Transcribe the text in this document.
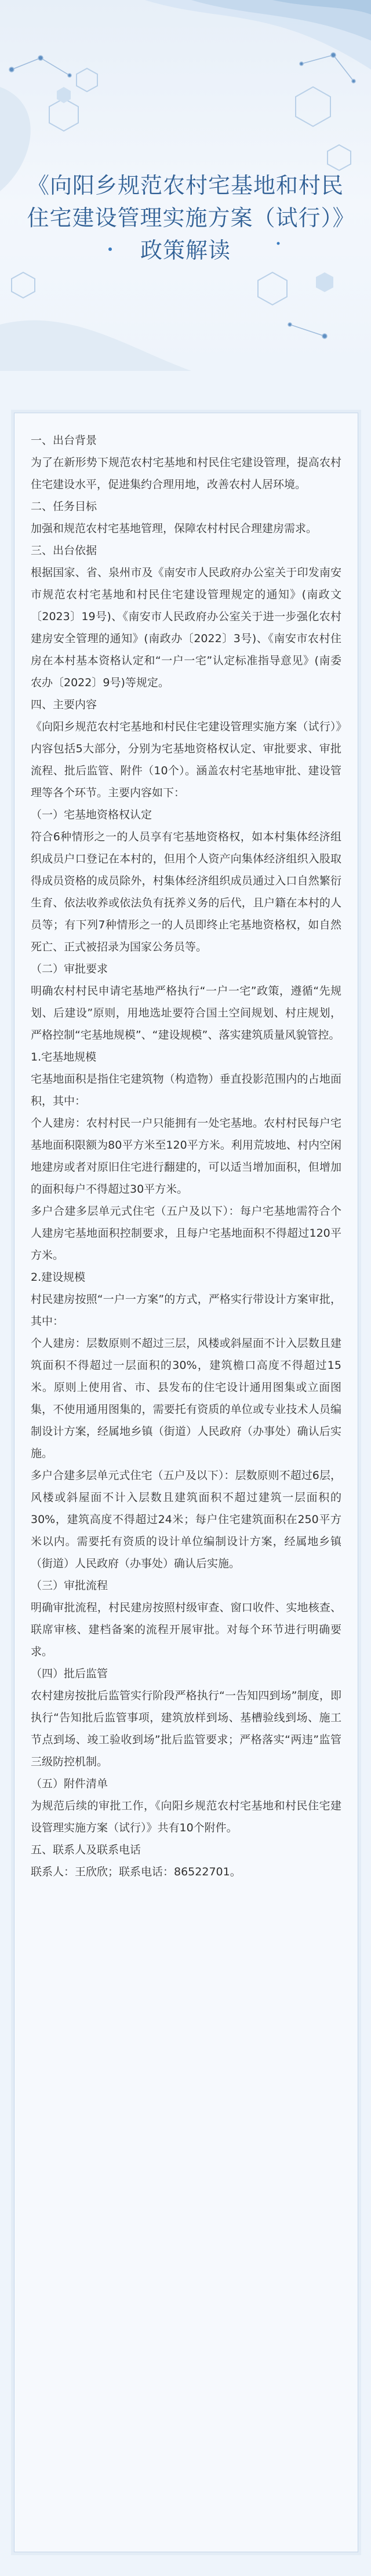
《向阳乡规范农村宅基地和村民住宅建设管理实施方案（试行）》政策解读

一、出台背景

为了在新形势下规范农村宅基地和村民住宅建设管理，提高农村住宅建设水平，促进集约合理用地，改善农村人居环境。

二、任务目标

加强和规范农村宅基地管理，保障农村村民合理建房需求。

三、出台依据

根据国家、省、泉州市及《南安市人民政府办公室关于印发南安市规范农村宅基地和村民住宅建设管理规定的通知》(南政文〔2023〕19号)、《南安市人民政府办公室关于进一步强化农村建房安全管理的通知》(南政办〔2022〕3号)、《南安市农村住房在本村基本资格认定和“一户一宅”认定标准指导意见》(南委农办〔2022〕9号)等规定。

四、主要内容

《向阳乡规范农村宅基地和村民住宅建设管理实施方案（试行）》内容包括5大部分，分别为宅基地资格权认定、审批要求、审批流程、批后监管、附件（10个）。涵盖农村宅基地审批、建设管理等各个环节。主要内容如下：

（一）宅基地资格权认定

符合6种情形之一的人员享有宅基地资格权，如本村集体经济组织成员户口登记在本村的，但用个人资产向集体经济组织入股取得成员资格的成员除外，村集体经济组织成员通过入口自然繁衍生育、依法收养或依法负有抚养义务的后代，且户籍在本村的人员等；有下列7种情形之一的人员即终止宅基地资格权，如自然死亡、正式被招录为国家公务员等。

（二）审批要求

明确农村村民申请宅基地严格执行“一户一宅”政策，遵循“先规划、后建设”原则，用地选址要符合国土空间规划、村庄规划，严格控制“宅基地规模”、“建设规模”、落实建筑质量风貌管控。

1.宅基地规模

宅基地面积是指住宅建筑物（构造物）垂直投影范围内的占地面积，其中：

个人建房：农村村民一户只能拥有一处宅基地。农村村民每户宅基地面积限额为80平方米至120平方米。利用荒坡地、村内空闲地建房或者对原旧住宅进行翻建的，可以适当增加面积，但增加的面积每户不得超过30平方米。

多户合建多层单元式住宅（五户及以下）：每户宅基地需符合个人建房宅基地面积控制要求，且每户宅基地面积不得超过120平方米。

2.建设规模

村民建房按照“一户一方案”的方式，严格实行带设计方案审批，其中：

个人建房：层数原则不超过三层，风楼或斜屋面不计入层数且建筑面积不得超过一层面积的30%，建筑檐口高度不得超过15米。原则上使用省、市、县发布的住宅设计通用图集或立面图集，不使用通用图集的，需要托有资质的单位或专业技术人员编制设计方案，经属地乡镇（街道）人民政府（办事处）确认后实施。

多户合建多层单元式住宅（五户及以下）：层数原则不超过6层，风楼或斜屋面不计入层数且建筑面积不超过建筑一层面积的30%，建筑高度不得超过24米；每户住宅建筑面积在250平方米以内。需要托有资质的设计单位编制设计方案，经属地乡镇（街道）人民政府（办事处）确认后实施。

（三）审批流程

明确审批流程，村民建房按照村级审查、窗口收件、实地核查、联席审核、建档备案的流程开展审批。对每个环节进行明确要求。

（四）批后监管

农村建房按批后监管实行阶段严格执行“一告知四到场”制度，即执行“告知批后监管事项，建筑放样到场、基槽验线到场、施工节点到场、竣工验收到场”批后监管要求；严格落实“两违”监管三级防控机制。

（五）附件清单

为规范后续的审批工作，《向阳乡规范农村宅基地和村民住宅建设管理实施方案（试行）》共有10个附件。

五、联系人及联系电话

联系人：王欣欣；联系电话：86522701。
